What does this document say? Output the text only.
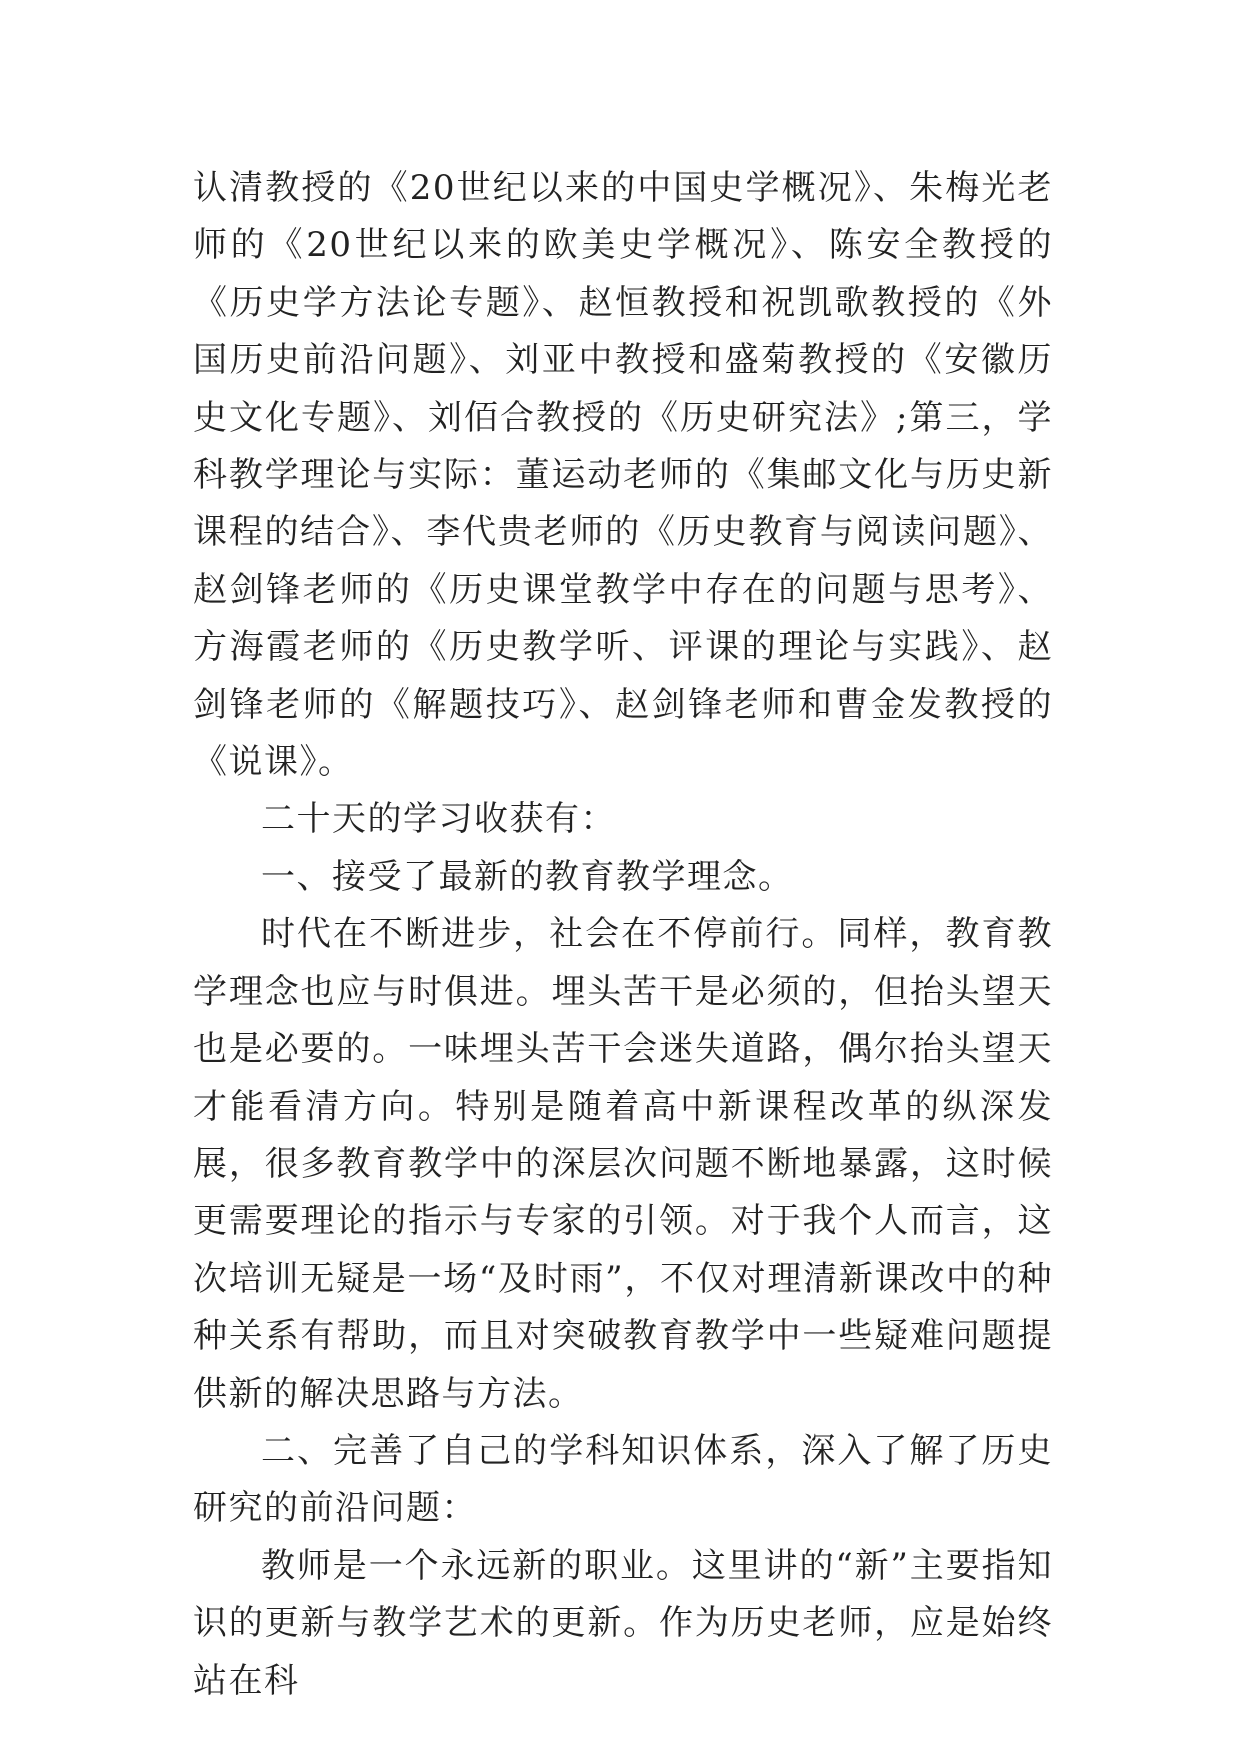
认清教授的《20世纪以来的中国史学概况》、朱梅光老师的《20世纪以来的欧美史学概况》、陈安全教授的《历史学方法论专题》、赵恒教授和祝凯歌教授的《外国历史前沿问题》、刘亚中教授和盛菊教授的《安徽历史文化专题》、刘佰合教授的《历史研究法》;第三，学科教学理论与实际：董运动老师的《集邮文化与历史新课程的结合》、李代贵老师的《历史教育与阅读问题》、赵剑锋老师的《历史课堂教学中存在的问题与思考》、方海霞老师的《历史教学听、评课的理论与实践》、赵剑锋老师的《解题技巧》、赵剑锋老师和曹金发教授的《说课》。

二十天的学习收获有：

一、接受了最新的教育教学理念。

时代在不断进步，社会在不停前行。同样，教育教学理念也应与时俱进。埋头苦干是必须的，但抬头望天也是必要的。一味埋头苦干会迷失道路，偶尔抬头望天才能看清方向。特别是随着高中新课程改革的纵深发展，很多教育教学中的深层次问题不断地暴露，这时候更需要理论的指示与专家的引领。对于我个人而言，这次培训无疑是一场“及时雨”，不仅对理清新课改中的种种关系有帮助，而且对突破教育教学中一些疑难问题提供新的解决思路与方法。

二、完善了自己的学科知识体系，深入了解了历史研究的前沿问题：

教师是一个永远新的职业。这里讲的“新”主要指知识的更新与教学艺术的更新。作为历史老师，应是始终站在科
